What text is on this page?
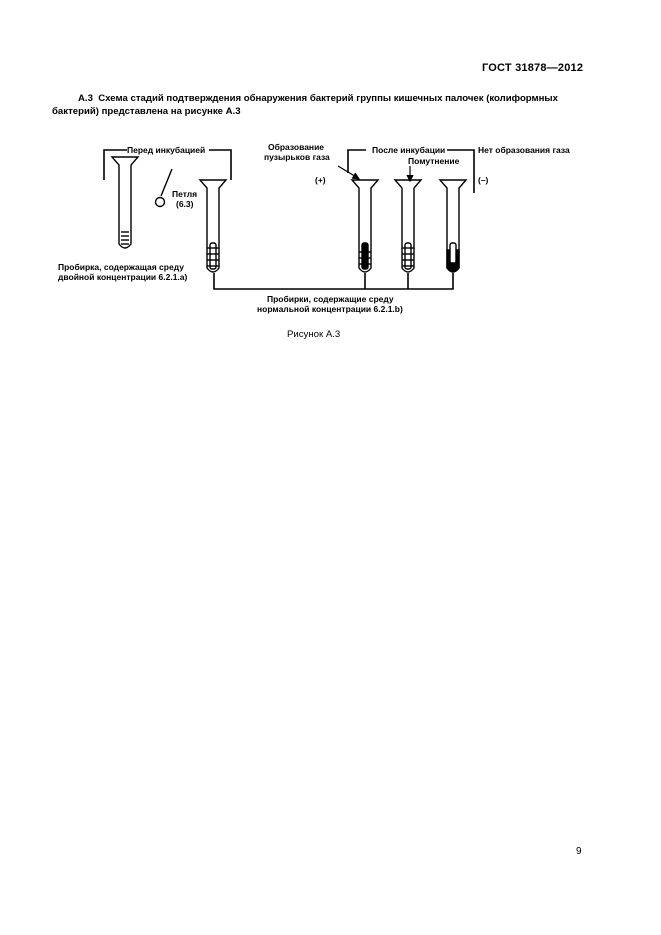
ГОСТ 31878—2012
А.3 Схема стадий подтверждения обнаружения бактерий группы кишечных палочек (колиформных
бактерий) представлена на рисунке А.3
Перед инкубацией	После инкубации	Нет образования газа
Образование
пузырьков газа	Помутнение
Петля
(6.3)
(+)	(–)
Пробирка, содержащая среду
двойной концентрации 6.2.1.а)
Пробирки, содержащие среду
нормальной концентрации 6.2.1.b)
Рисунок А.3
9
